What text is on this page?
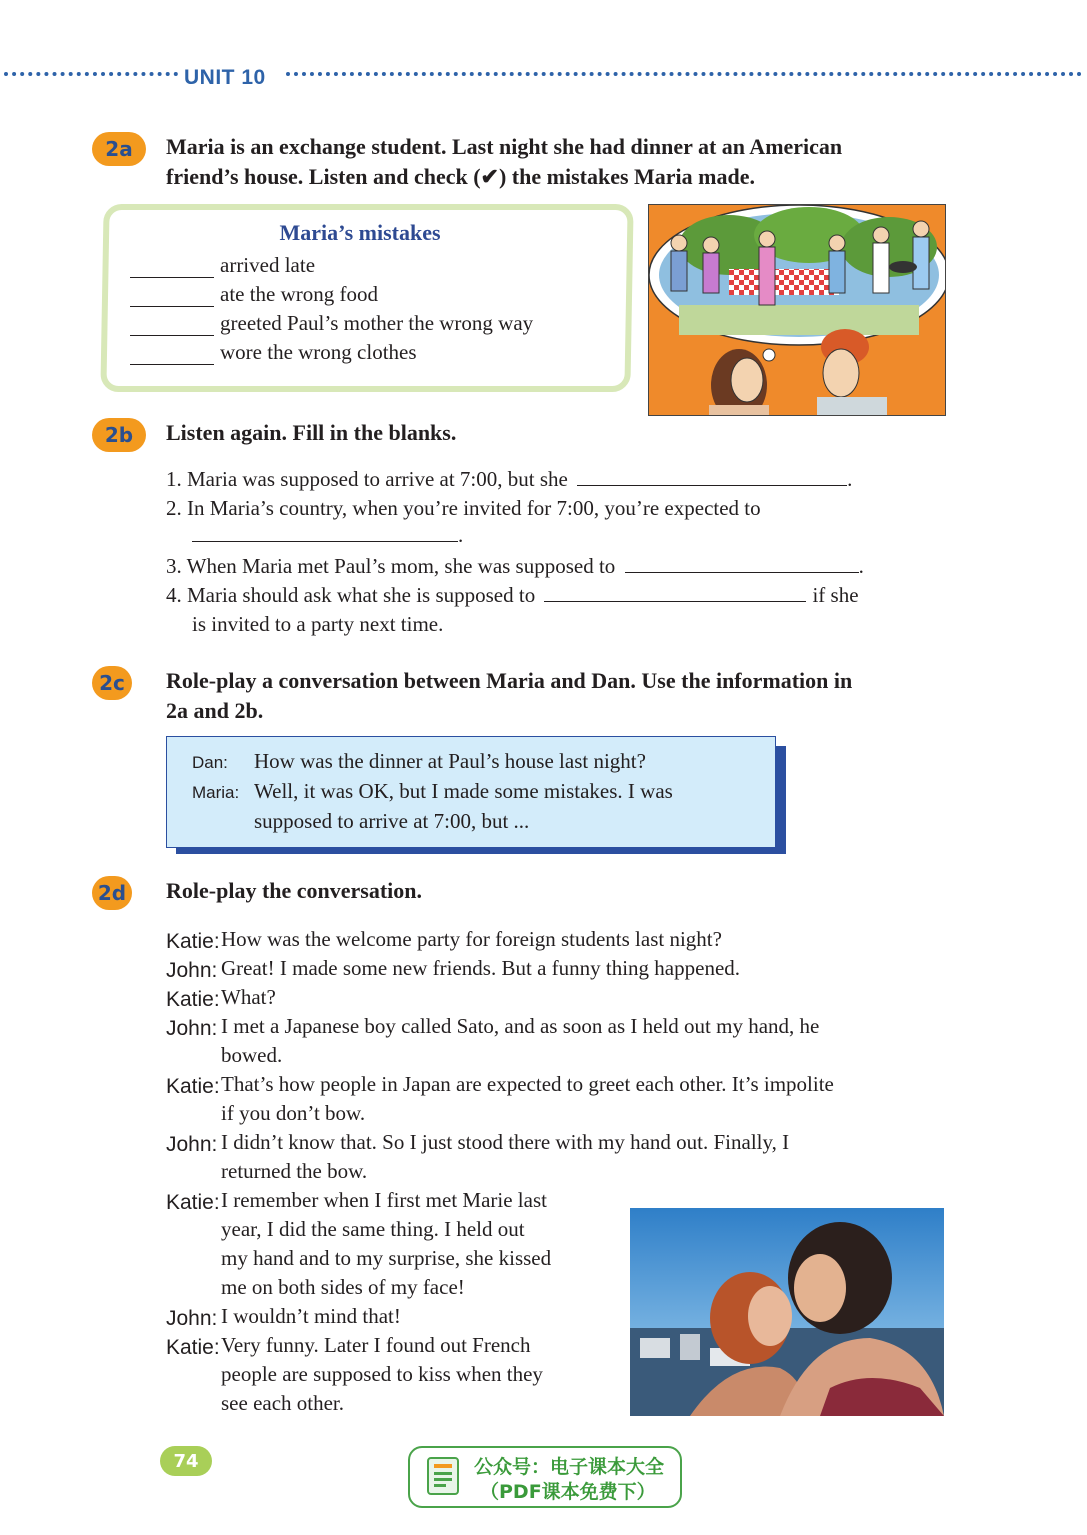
UNIT 10
2a	Maria is an exchange student. Last night she had dinner at an American
friend’s house. Listen and check (✔) the mistakes Maria made.
Maria’s mistakes
arrived late
ate the wrong food
greeted Paul’s mother the wrong way
wore the wrong clothes
2b	Listen again. Fill in the blanks.
1. Maria was supposed to arrive at 7:00, but she	.
2. In Maria’s country, when you’re invited for 7:00, you’re expected to
.
3. When Maria met Paul’s mom, she was supposed to	.
4. Maria should ask what she is supposed to	if she
is invited to a party next time.
2c	Role-play a conversation between Maria and Dan. Use the information in
2a and 2b.
Dan: How was the dinner at Paul’s house last night?
Maria: Well, it was OK, but I made some mistakes. I was
supposed to arrive at 7:00, but ...
2d Role-play the conversation.
Katie: How was the welcome party for foreign students last night?
John: Great! I made some new friends. But a funny thing happened.
Katie: What?
John: I met a Japanese boy called Sato, and as soon as I held out my hand, he
bowed.
Katie: That’s how people in Japan are expected to greet each other. It’s impolite
if you don’t bow.
John: I didn’t know that. So I just stood there with my hand out. Finally, I
returned the bow.
Katie: I remember when I first met Marie last
year, I did the same thing. I held out
my hand and to my surprise, she kissed
me on both sides of my face!
John: I wouldn’t mind that!
Katie: Very funny. Later I found out French
people are supposed to kiss when they
see each other.
74	公众号：电子课本大全
（PDF课本免费下）
